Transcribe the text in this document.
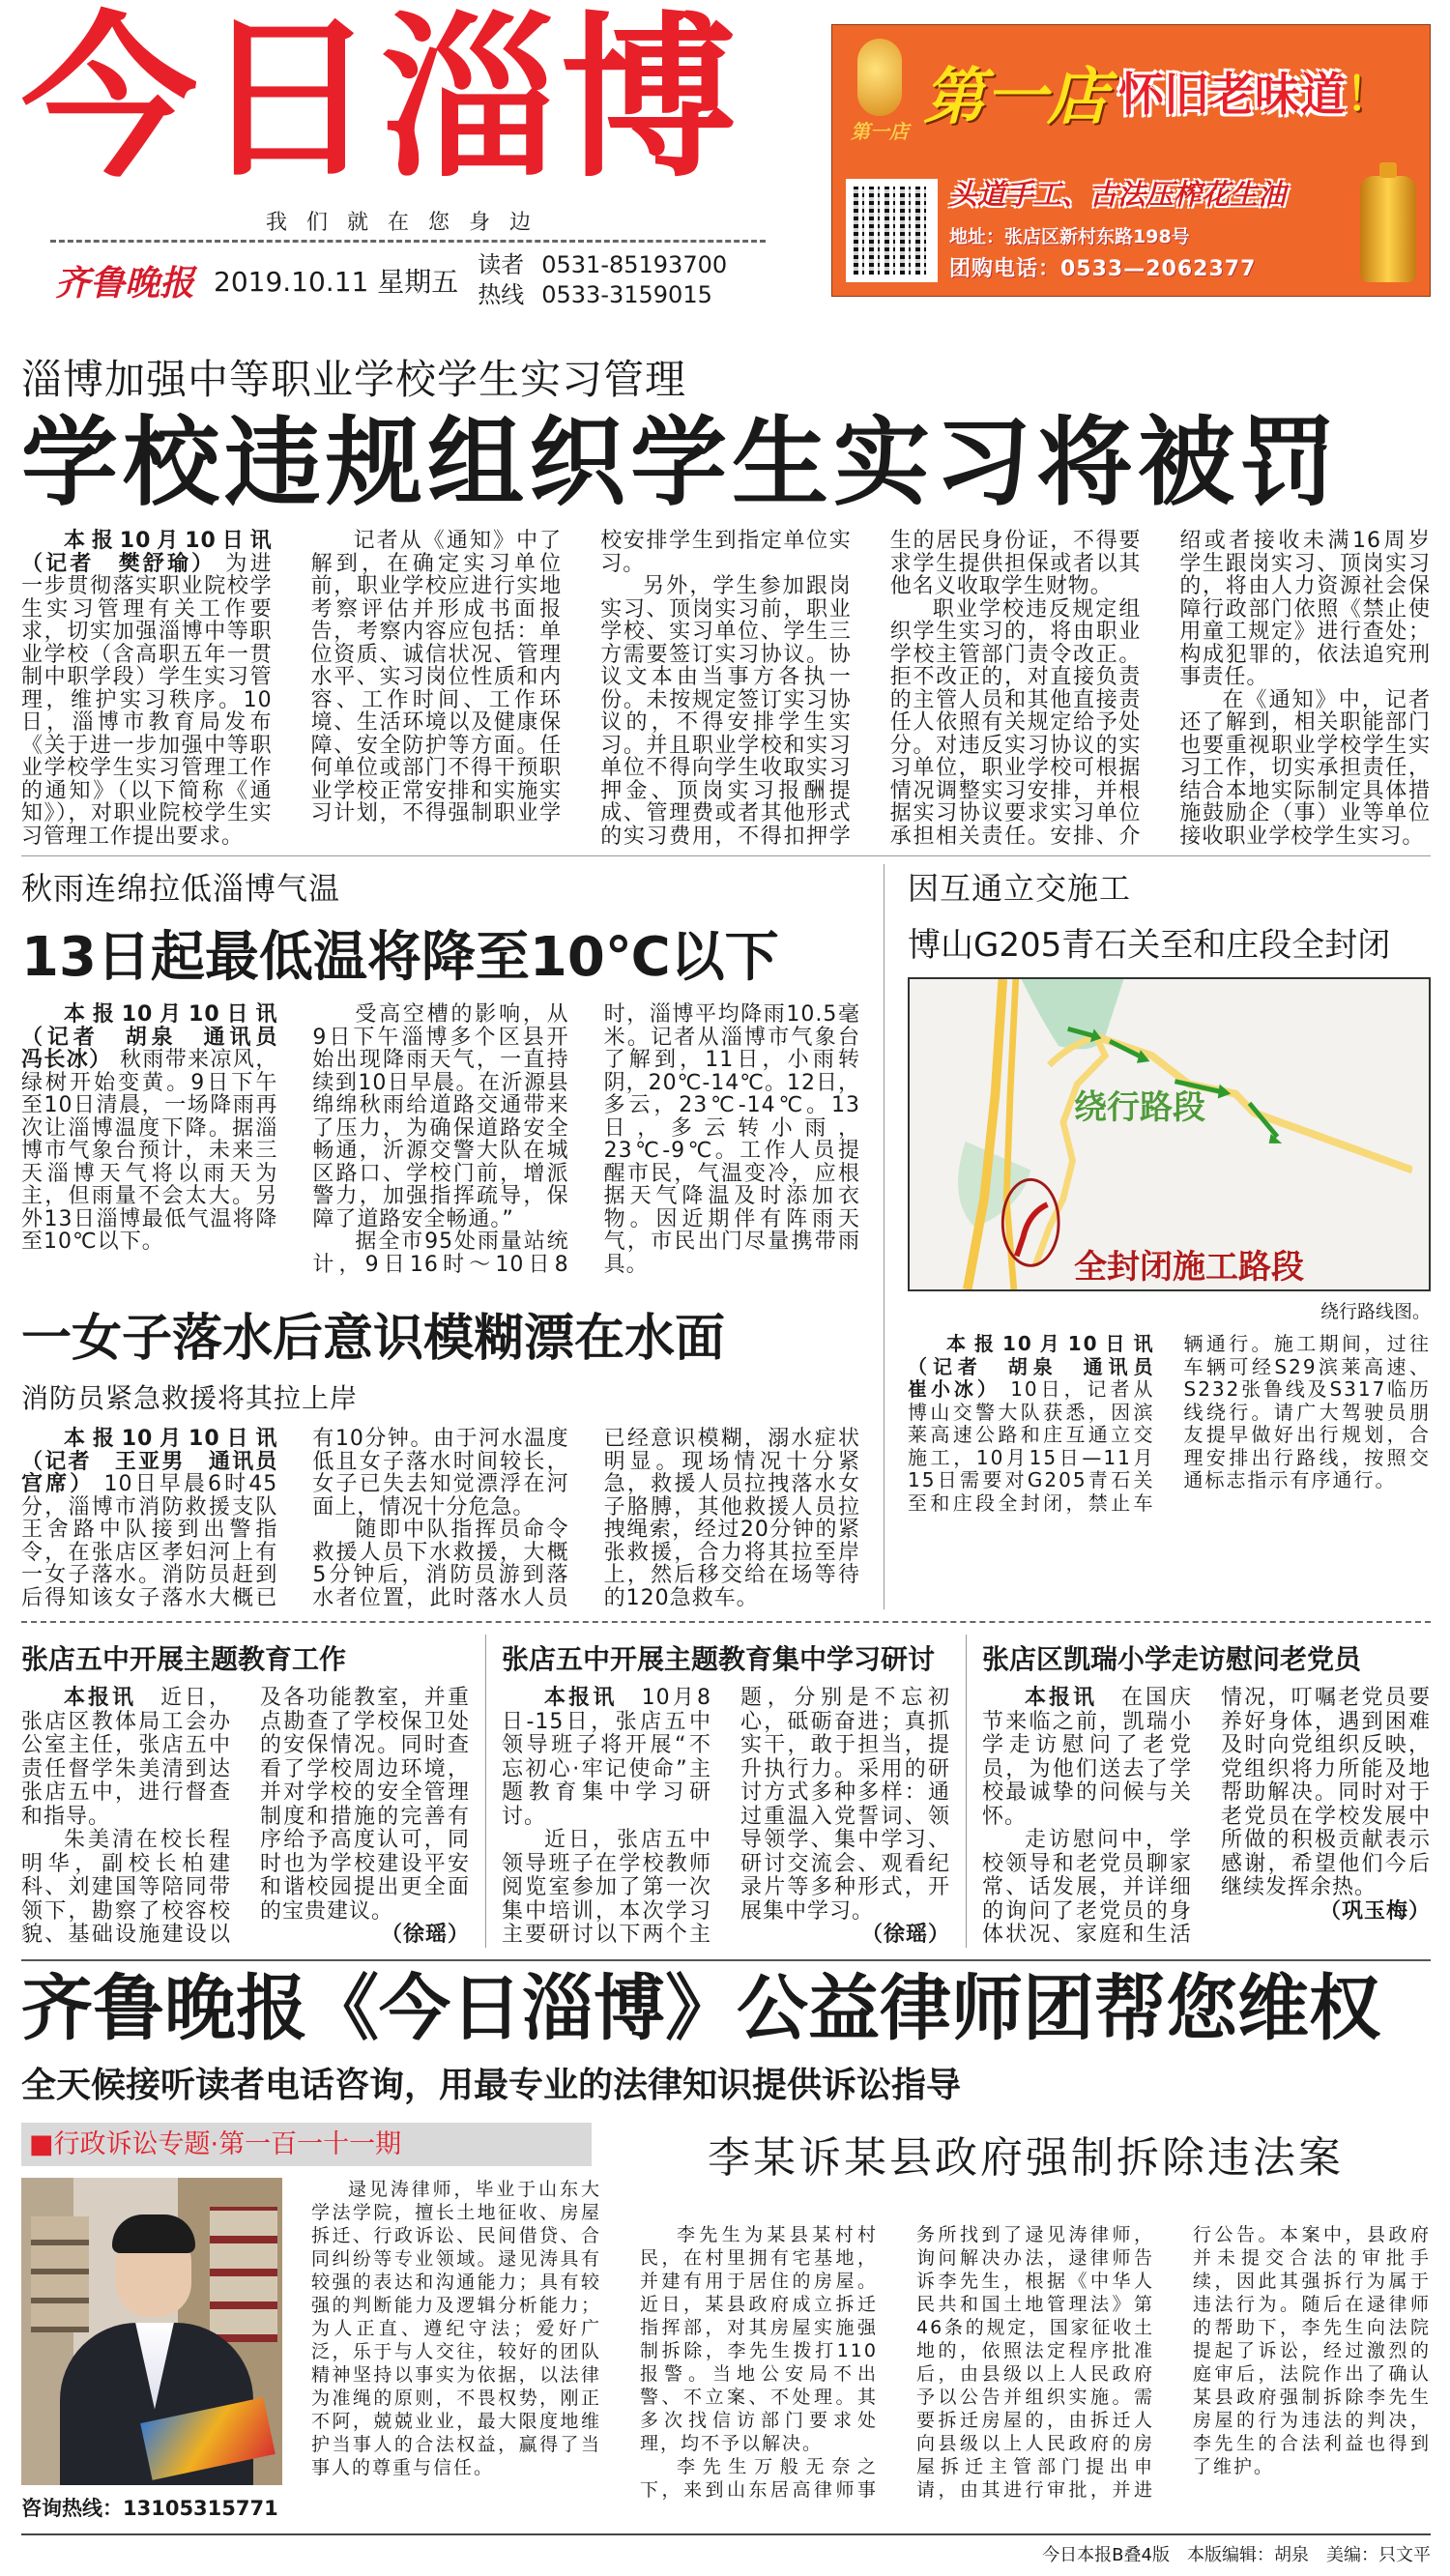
今日淄博
我们就在您身边
齐鲁晚报 2019.10.11 星期五
读者 0531-85193700
热线 0533-3159015
第一店 第一店 怀旧老味道！
头道手工、古法压榨花生油
地址：张店区新村东路198号
团购电话：0533—2062377
淄博加强中等职业学校学生实习管理
学校违规组织学生实习将被罚

本报10月10日讯（记者　樊舒瑜） 为进一步贯彻落实职业院校学生实习管理有关工作要求，切实加强淄博中等职业学校（含高职五年一贯制中职学段）学生实习管理，维护实习秩序。10日，淄博市教育局发布《关于进一步加强中等职业学校学生实习管理工作的通知》（以下简称《通知》），对职业院校学生实习管理工作提出要求。

记者从《通知》中了解到，在确定实习单位前，职业学校应进行实地考察评估并形成书面报告，考察内容应包括：单位资质、诚信状况、管理水平、实习岗位性质和内容、工作时间、工作环境、生活环境以及健康保障、安全防护等方面。任何单位或部门不得干预职业学校正常安排和实施实习计划，不得强制职业学校安排学生到指定单位实习。

另外，学生参加跟岗实习、顶岗实习前，职业学校、实习单位、学生三方需要签订实习协议。协议文本由当事方各执一份。未按规定签订实习协议的，不得安排学生实习。并且职业学校和实习单位不得向学生收取实习押金、顶岗实习报酬提成、管理费或者其他形式的实习费用，不得扣押学生的居民身份证，不得要求学生提供担保或者以其他名义收取学生财物。

职业学校违反规定组织学生实习的，将由职业学校主管部门责令改正。拒不改正的，对直接负责的主管人员和其他直接责任人依照有关规定给予处分。对违反实习协议的实习单位，职业学校可根据情况调整实习安排，并根据实习协议要求实习单位承担相关责任。安排、介绍或者接收未满16周岁学生跟岗实习、顶岗实习的，将由人力资源社会保障行政部门依照《禁止使用童工规定》进行查处；构成犯罪的，依法追究刑事责任。

在《通知》中，记者还了解到，相关职能部门也要重视职业学校学生实习工作，切实承担责任，结合本地实际制定具体措施鼓励企（事）业等单位接收职业学校学生实习。

秋雨连绵拉低淄博气温
13日起最低温将降至10℃以下

本报10月10日讯（记者　胡泉　通讯员　冯长冰） 秋雨带来凉风，绿树开始变黄。9日下午至10日清晨，一场降雨再次让淄博温度下降。据淄博市气象台预计，未来三天淄博天气将以雨天为主，但雨量不会太大。另外13日淄博最低气温将降至10℃以下。

受高空槽的影响，从9日下午淄博多个区县开始出现降雨天气，一直持续到10日早晨。在沂源县绵绵秋雨给道路交通带来了压力，为确保道路安全畅通，沂源交警大队在城区路口、学校门前，增派警力，加强指挥疏导，保障了道路安全畅通。”

据全市95处雨量站统计，9日16时～10日8时，淄博平均降雨10.5毫米。记者从淄博市气象台了解到，11日，小雨转阴，20℃-14℃。12日，多云，23℃-14℃。13日，多云转小雨，23℃-9℃。工作人员提醒市民，气温变冷，应根据天气降温及时添加衣物。因近期伴有阵雨天气，市民出门尽量携带雨具。

一女子落水后意识模糊漂在水面
消防员紧急救援将其拉上岸

本报10月10日讯（记者　王亚男　通讯员　宫席） 10日早晨6时45分，淄博市消防救援支队王舍路中队接到出警指令，在张店区孝妇河上有一女子落水。消防员赶到后得知该女子落水大概已有10分钟。由于河水温度低且女子落水时间较长，女子已失去知觉漂浮在河面上，情况十分危急。

随即中队指挥员命令救援人员下水救援，大概5分钟后，消防员游到落水者位置，此时落水人员已经意识模糊，溺水症状明显。现场情况十分紧急，救援人员拉拽落水女子胳膊，其他救援人员拉拽绳索，经过20分钟的紧张救援，合力将其拉至岸上，然后移交给在场等待的120急救车。

因互通立交施工
博山G205青石关至和庄段全封闭
绕行路段
全封闭施工路段
绕行路线图。

本报10月10日讯（记者　胡泉　通讯员　崔小冰） 10日，记者从博山交警大队获悉，因滨莱高速公路和庄互通立交施工，10月15日—11月15日需要对G205青石关至和庄段全封闭，禁止车辆通行。施工期间，过往车辆可经S29滨莱高速、S232张鲁线及S317临历线绕行。请广大驾驶员朋友提早做好出行规划，合理安排出行路线，按照交通标志指示有序通行。

张店五中开展主题教育工作

本报讯　 近日，张店区教体局工会办公室主任，张店五中责任督学朱美清到达张店五中，进行督查和指导。

朱美清在校长程明华，副校长柏建科、刘建国等陪同带领下，勘察了校容校貌、基础设施建设以及各功能教室，并重点勘查了学校保卫处的安保情况。同时查看了学校周边环境，并对学校的安全管理制度和措施的完善有序给予高度认可，同时也为学校建设平安和谐校园提出更全面的宝贵建议。

（徐瑶）
张店五中开展主题教育集中学习研讨

本报讯　 10月8日-15日，张店五中领导班子将开展“不忘初心·牢记使命”主题教育集中学习研讨。

近日，张店五中领导班子在学校教师阅览室参加了第一次集中培训，本次学习主要研讨以下两个主题，分别是不忘初心，砥砺奋进；真抓实干，敢于担当，提升执行力。采用的研讨方式多种多样：通过重温入党誓词、领导领学、集中学习、研讨交流会、观看纪录片等多种形式，开展集中学习。

（徐瑶）
张店区凯瑞小学走访慰问老党员

本报讯　 在国庆节来临之前，凯瑞小学走访慰问了老党员，为他们送去了学校最诚挚的问候与关怀。

走访慰问中，学校领导和老党员聊家常、话发展，并详细的询问了老党员的身体状况、家庭和生活情况，叮嘱老党员要养好身体，遇到困难及时向党组织反映，党组织将力所能及地帮助解决。同时对于老党员在学校发展中所做的积极贡献表示感谢，希望他们今后继续发挥余热。

（巩玉梅）
齐鲁晚报《今日淄博》公益律师团帮您维权
全天候接听读者电话咨询，用最专业的法律知识提供诉讼指导
■行政诉讼专题·第一百一十一期
咨询热线：13105315771

逯见涛律师，毕业于山东大学法学院，擅长土地征收、房屋拆迁、行政诉讼、民间借贷、合同纠纷等专业领域。逯见涛具有较强的表达和沟通能力；具有较强的判断能力及逻辑分析能力；为人正直、遵纪守法；爱好广泛，乐于与人交往，较好的团队精神坚持以事实为依据，以法律为准绳的原则，不畏权势，刚正不阿，兢兢业业，最大限度地维护当事人的合法权益，赢得了当事人的尊重与信任。

李某诉某县政府强制拆除违法案

李先生为某县某村村民，在村里拥有宅基地，并建有用于居住的房屋。近日，某县政府成立拆迁指挥部，对其房屋实施强制拆除，李先生拨打110报警。当地公安局不出警、不立案、不处理。其多次找信访部门要求处理，均不予以解决。

李先生万般无奈之下，来到山东居高律师事务所找到了逯见涛律师，询问解决办法，逯律师告诉李先生，根据《中华人民共和国土地管理法》第46条的规定，国家征收土地的，依照法定程序批准后，由县级以上人民政府予以公告并组织实施。需要拆迁房屋的，由拆迁人向县级以上人民政府的房屋拆迁主管部门提出申请，由其进行审批，并进行公告。本案中，县政府并未提交合法的审批手续，因此其强拆行为属于违法行为。随后在逯律师的帮助下，李先生向法院提起了诉讼，经过激烈的庭审后，法院作出了确认某县政府强制拆除李先生房屋的行为违法的判决，李先生的合法利益也得到了维护。

今日本报B叠4版　本版编辑：胡泉　美编：只文平
